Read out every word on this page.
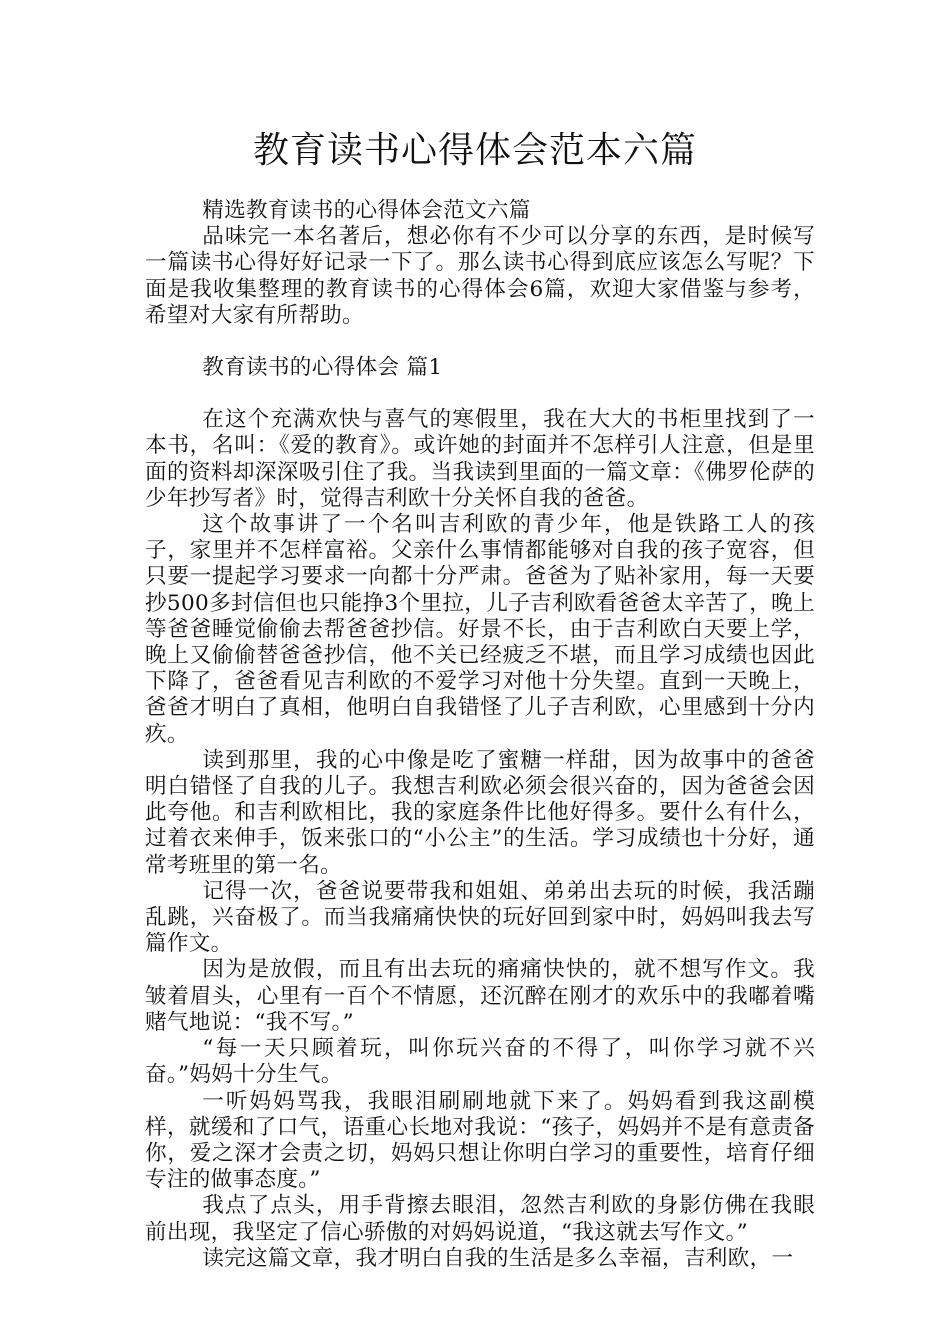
教育读书心得体会范本六篇

精选教育读书的心得体会范文六篇

品味完一本名著后，想必你有不少可以分享的东西，是时候写一篇读书心得好好记录一下了。那么读书心得到底应该怎么写呢？下面是我收集整理的教育读书的心得体会6篇，欢迎大家借鉴与参考，希望对大家有所帮助。

教育读书的心得体会 篇1

在这个充满欢快与喜气的寒假里，我在大大的书柜里找到了一本书，名叫：《爱的教育》。或许她的封面并不怎样引人注意，但是里面的资料却深深吸引住了我。当我读到里面的一篇文章：《佛罗伦萨的少年抄写者》时，觉得吉利欧十分关怀自我的爸爸。

这个故事讲了一个名叫吉利欧的青少年，他是铁路工人的孩子，家里并不怎样富裕。父亲什么事情都能够对自我的孩子宽容，但只要一提起学习要求一向都十分严肃。爸爸为了贴补家用，每一天要抄500多封信但也只能挣3个里拉，儿子吉利欧看爸爸太辛苦了，晚上等爸爸睡觉偷偷去帮爸爸抄信。好景不长，由于吉利欧白天要上学，晚上又偷偷替爸爸抄信，他不关已经疲乏不堪，而且学习成绩也因此下降了，爸爸看见吉利欧的不爱学习对他十分失望。直到一天晚上，爸爸才明白了真相，他明白自我错怪了儿子吉利欧，心里感到十分内疚。

读到那里，我的心中像是吃了蜜糖一样甜，因为故事中的爸爸明白错怪了自我的儿子。我想吉利欧必须会很兴奋的，因为爸爸会因此夸他。和吉利欧相比，我的家庭条件比他好得多。要什么有什么，过着衣来伸手，饭来张口的“小公主”的生活。学习成绩也十分好，通常考班里的第一名。

记得一次，爸爸说要带我和姐姐、弟弟出去玩的时候，我活蹦乱跳，兴奋极了。而当我痛痛快快的玩好回到家中时，妈妈叫我去写篇作文。

因为是放假，而且有出去玩的痛痛快快的，就不想写作文。我皱着眉头，心里有一百个不情愿，还沉醉在刚才的欢乐中的我嘟着嘴赌气地说：“我不写。”

“每一天只顾着玩，叫你玩兴奋的不得了，叫你学习就不兴奋。”妈妈十分生气。

一听妈妈骂我，我眼泪刷刷地就下来了。妈妈看到我这副模样，就缓和了口气，语重心长地对我说：“孩子，妈妈并不是有意责备你，爱之深才会责之切，妈妈只想让你明白学习的重要性，培育仔细专注的做事态度。”

我点了点头，用手背擦去眼泪，忽然吉利欧的身影仿佛在我眼前出现，我坚定了信心骄傲的对妈妈说道，“我这就去写作文。”

读完这篇文章，我才明白自我的生活是多么幸福，吉利欧，一
